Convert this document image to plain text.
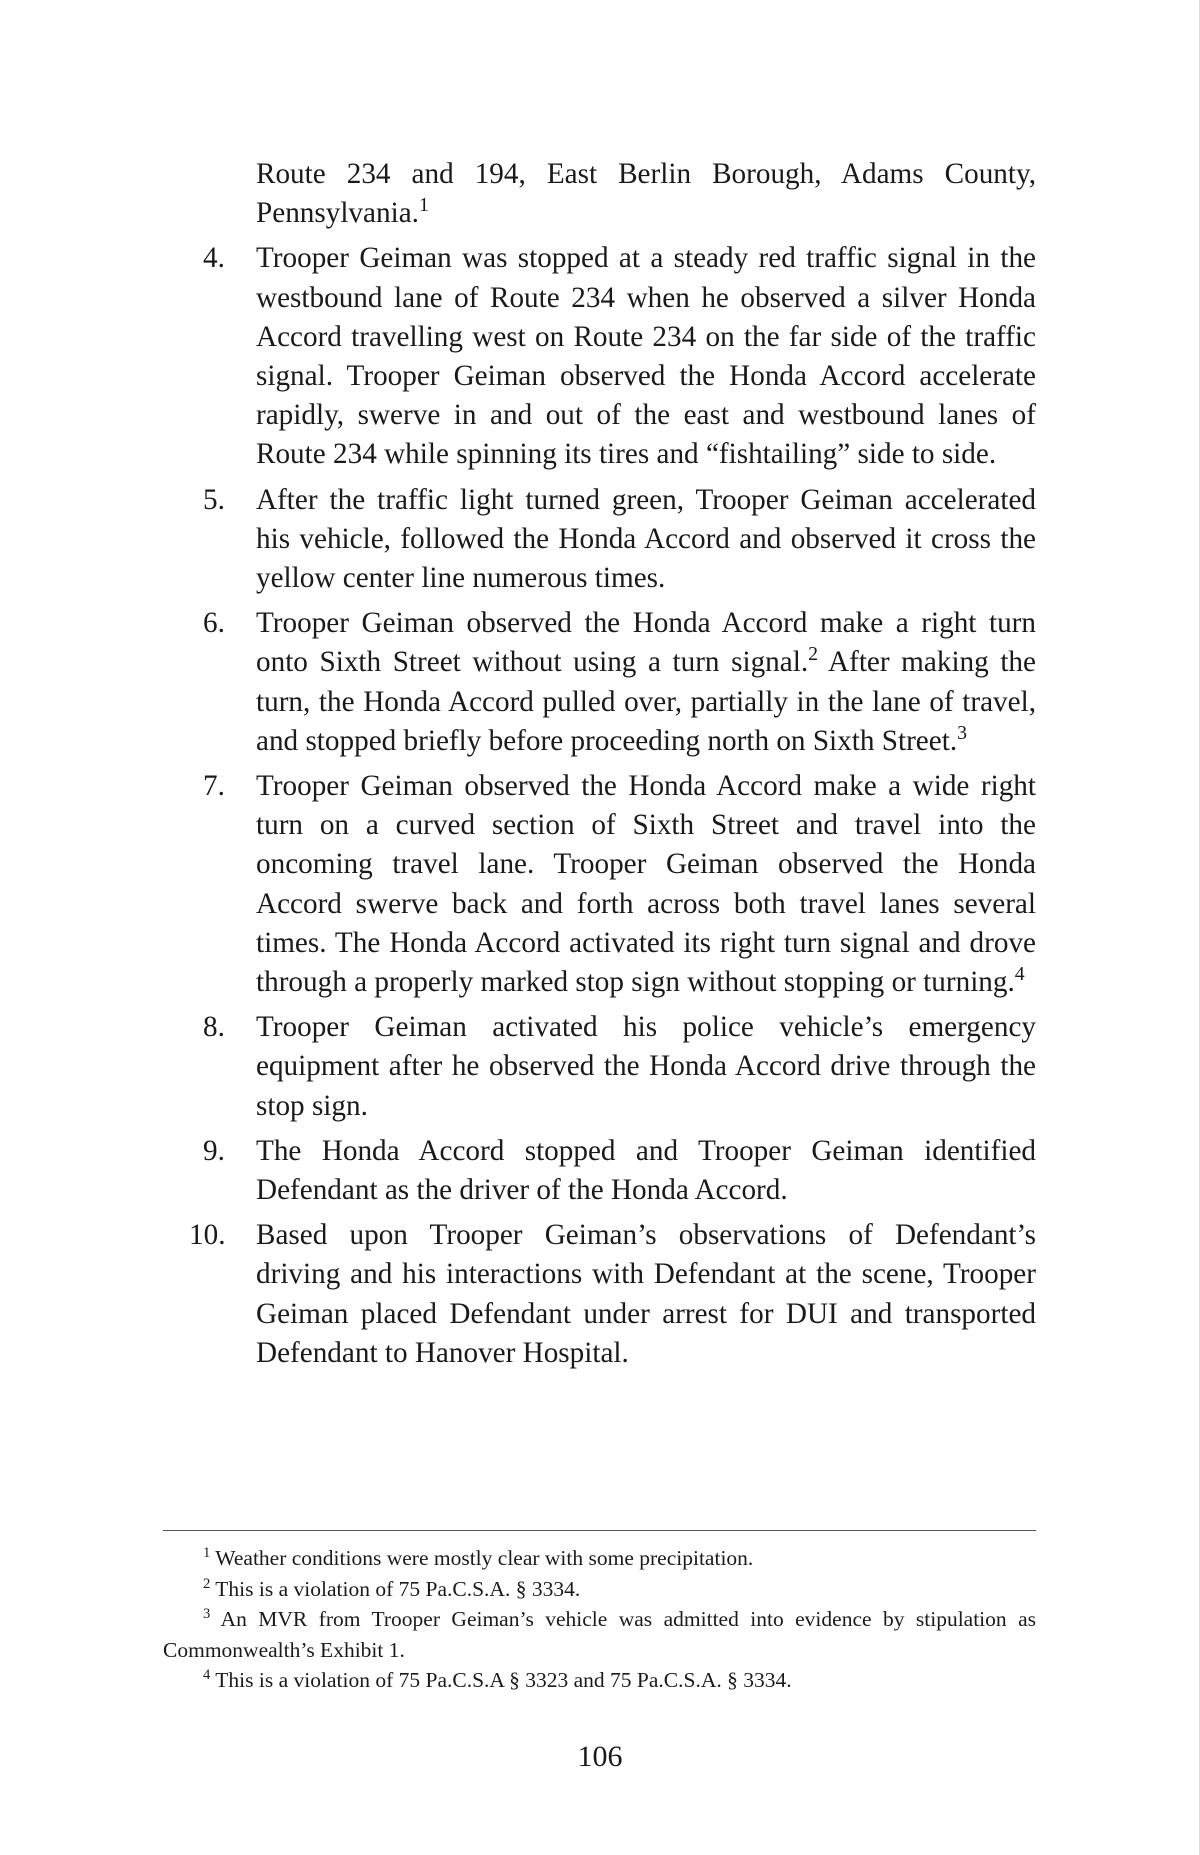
Route 234 and 194, East Berlin Borough, Adams County, Pennsylvania.$^1$
4.	Trooper Geiman was stopped at a steady red traffic signal in the westbound lane of Route 234 when he observed a silver Honda Accord travelling west on Route 234 on the far side of the traffic signal. Trooper Geiman observed the Honda Accord accelerate rapidly, swerve in and out of the east and westbound lanes of Route 234 while spinning its tires and “fishtailing” side to side.
5.	After the traffic light turned green, Trooper Geiman accelerated his vehicle, followed the Honda Accord and observed it cross the yellow center line numerous times.
6.	Trooper Geiman observed the Honda Accord make a right turn onto Sixth Street without using a turn signal.$^2$ After making the turn, the Honda Accord pulled over, partially in the lane of travel, and stopped briefly before proceeding north on Sixth Street.$^3$
7.	Trooper Geiman observed the Honda Accord make a wide right turn on a curved section of Sixth Street and travel into the oncoming travel lane. Trooper Geiman observed the Honda Accord swerve back and forth across both travel lanes several times. The Honda Accord activated its right turn signal and drove through a properly marked stop sign without stopping or turning.$^4$
8.	Trooper Geiman activated his police vehicle’s emergency equipment after he observed the Honda Accord drive through the stop sign.
9.	The Honda Accord stopped and Trooper Geiman identified Defendant as the driver of the Honda Accord.
10.	Based upon Trooper Geiman’s observations of Defendant’s driving and his interactions with Defendant at the scene, Trooper Geiman placed Defendant under arrest for DUI and transported Defendant to Hanover Hospital.
$^1$ Weather conditions were mostly clear with some precipitation.
$^2$ This is a violation of 75 Pa.C.S.A. § 3334.
$^3$ An MVR from Trooper Geiman’s vehicle was admitted into evidence by stipulation as Commonwealth’s Exhibit 1.
$^4$ This is a violation of 75 Pa.C.S.A § 3323 and 75 Pa.C.S.A. § 3334.
106
